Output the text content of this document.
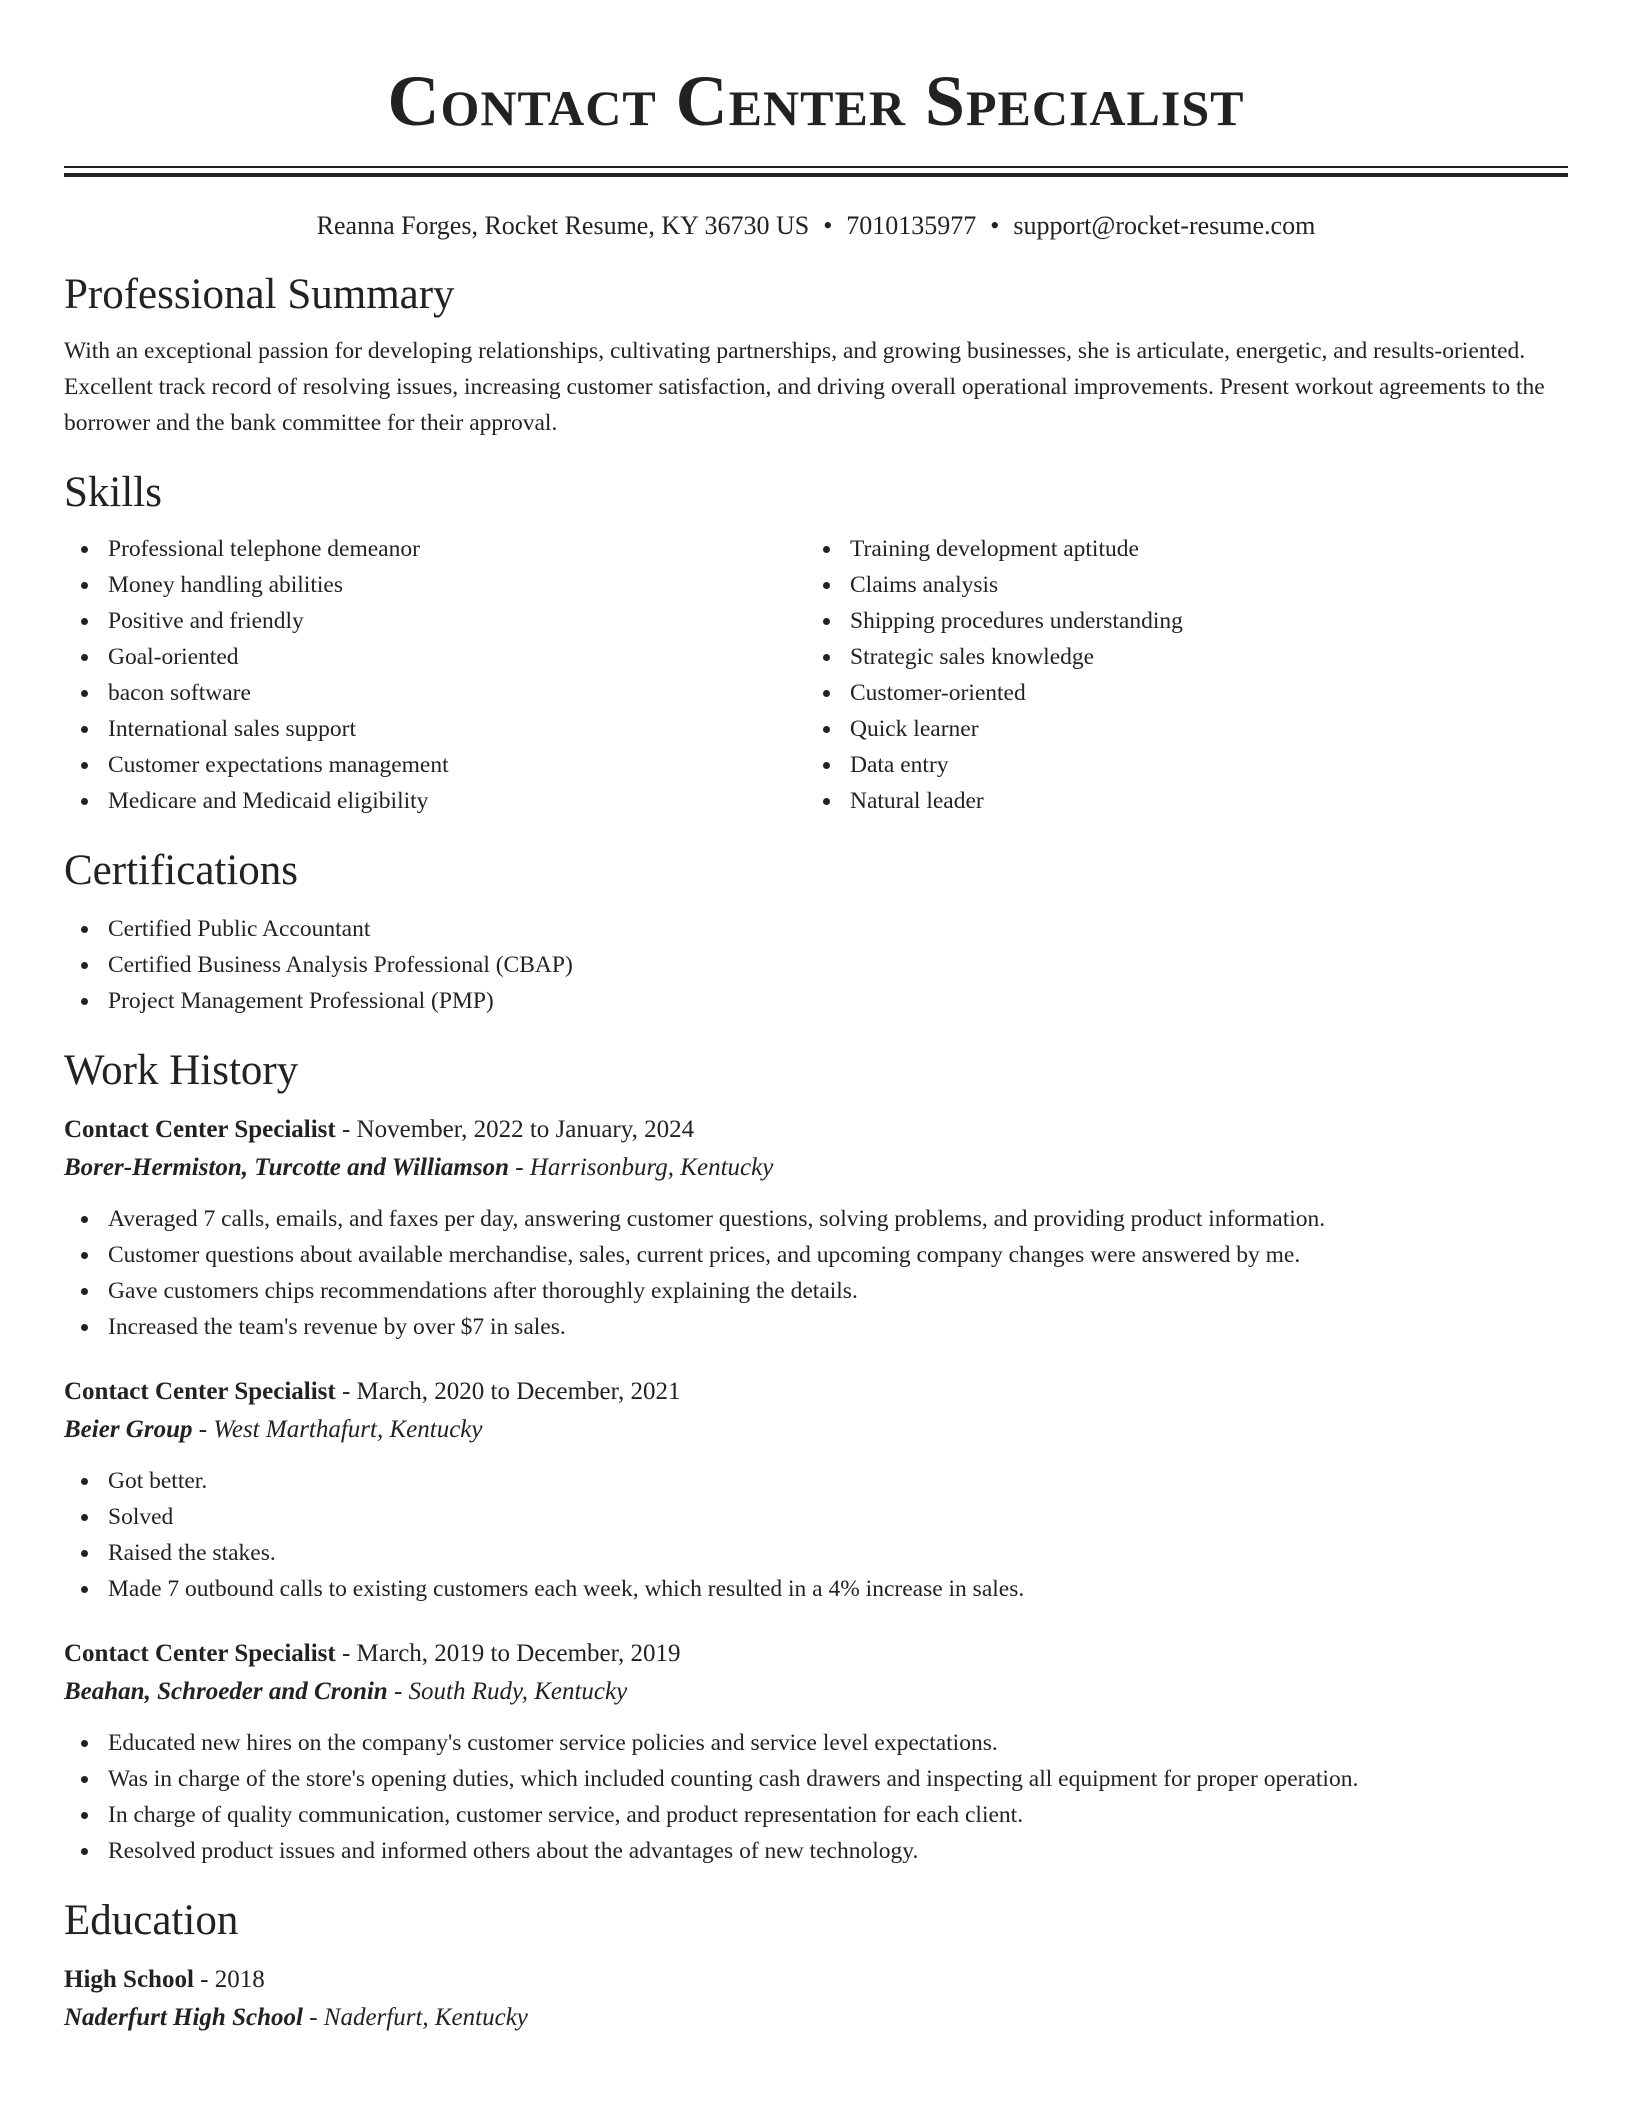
Contact Center Specialist
Reanna Forges, Rocket Resume, KY 36730 US • 7010135977 • support@rocket-resume.com
Professional Summary
With an exceptional passion for developing relationships, cultivating partnerships, and growing businesses, she is articulate, energetic, and results-oriented. Excellent track record of resolving issues, increasing customer satisfaction, and driving overall operational improvements. Present workout agreements to the borrower and the bank committee for their approval.
Skills
Professional telephone demeanor
Money handling abilities
Positive and friendly
Goal-oriented
bacon software
International sales support
Customer expectations management
Medicare and Medicaid eligibility
Training development aptitude
Claims analysis
Shipping procedures understanding
Strategic sales knowledge
Customer-oriented
Quick learner
Data entry
Natural leader
Certifications
Certified Public Accountant
Certified Business Analysis Professional (CBAP)
Project Management Professional (PMP)
Work History
Contact Center Specialist - November, 2022 to January, 2024
Borer-Hermiston, Turcotte and Williamson - Harrisonburg, Kentucky
Averaged 7 calls, emails, and faxes per day, answering customer questions, solving problems, and providing product information.
Customer questions about available merchandise, sales, current prices, and upcoming company changes were answered by me.
Gave customers chips recommendations after thoroughly explaining the details.
Increased the team's revenue by over $7 in sales.
Contact Center Specialist - March, 2020 to December, 2021
Beier Group - West Marthafurt, Kentucky
Got better.
Solved
Raised the stakes.
Made 7 outbound calls to existing customers each week, which resulted in a 4% increase in sales.
Contact Center Specialist - March, 2019 to December, 2019
Beahan, Schroeder and Cronin - South Rudy, Kentucky
Educated new hires on the company's customer service policies and service level expectations.
Was in charge of the store's opening duties, which included counting cash drawers and inspecting all equipment for proper operation.
In charge of quality communication, customer service, and product representation for each client.
Resolved product issues and informed others about the advantages of new technology.
Education
High School - 2018
Naderfurt High School - Naderfurt, Kentucky
